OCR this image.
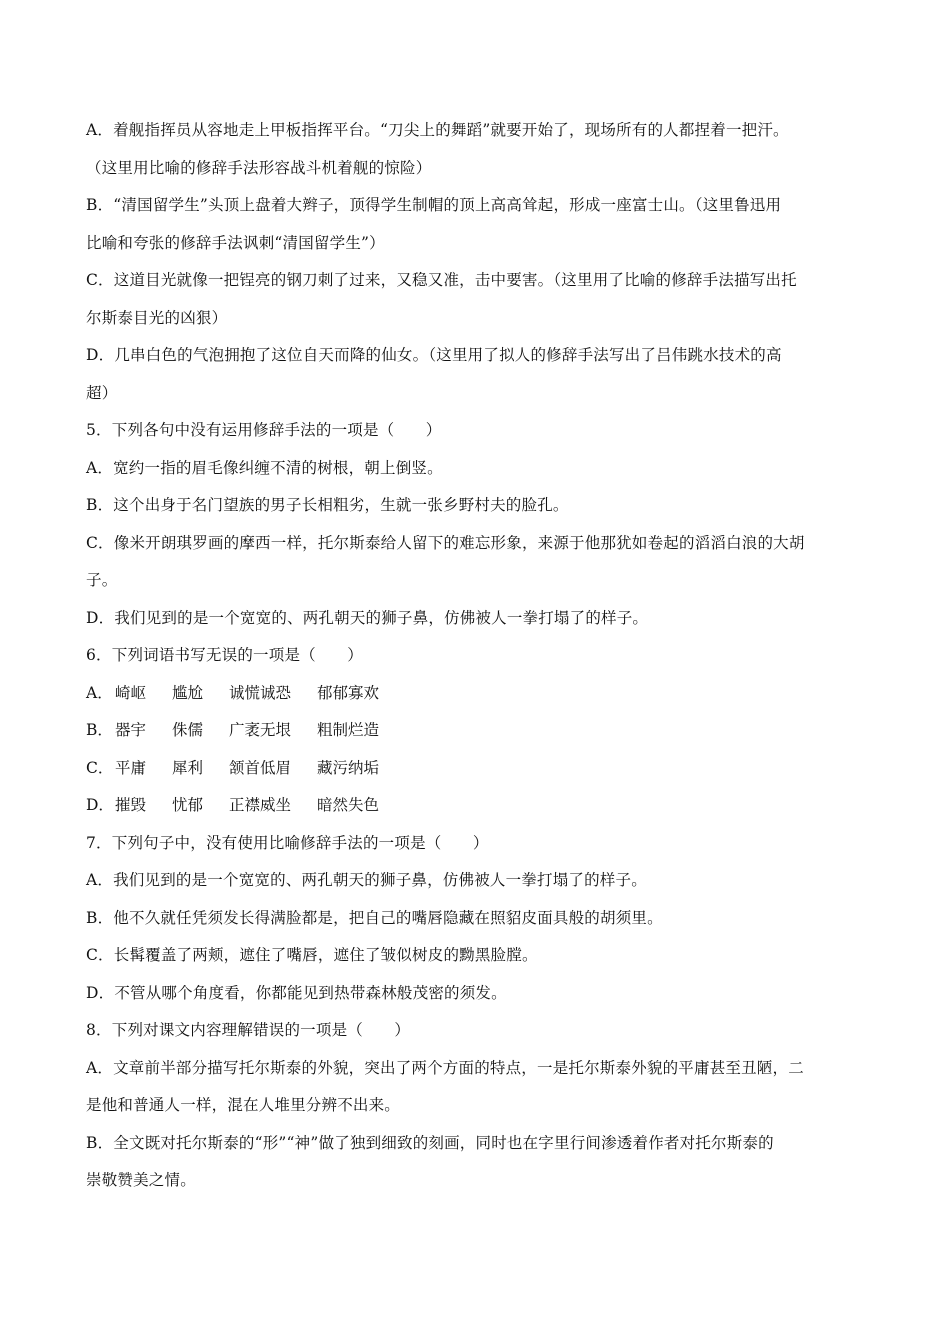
A．着舰指挥员从容地走上甲板指挥平台。“刀尖上的舞蹈”就要开始了，现场所有的人都捏着一把汗。
（这里用比喻的修辞手法形容战斗机着舰的惊险）
B．“清国留学生”头顶上盘着大辫子，顶得学生制帽的顶上高高耸起，形成一座富士山。（这里鲁迅用
比喻和夸张的修辞手法讽刺“清国留学生”）
C．这道目光就像一把锃亮的钢刀刺了过来，又稳又准，击中要害。（这里用了比喻的修辞手法描写出托
尔斯泰目光的凶狠）
D．几串白色的气泡拥抱了这位自天而降的仙女。（这里用了拟人的修辞手法写出了吕伟跳水技术的高
超）
5．下列各句中没有运用修辞手法的一项是（　　）
A．宽约一指的眉毛像纠缠不清的树根，朝上倒竖。
B．这个出身于名门望族的男子长相粗劣，生就一张乡野村夫的脸孔。
C．像米开朗琪罗画的摩西一样，托尔斯泰给人留下的难忘形象，来源于他那犹如卷起的滔滔白浪的大胡
子。
D．我们见到的是一个宽宽的、两孔朝天的狮子鼻，仿佛被人一拳打塌了的样子。
6．下列词语书写无误的一项是（　　）
A． 崎岖 尴尬 诚慌诚恐 郁郁寡欢
B． 器宇 侏儒 广袤无垠 粗制烂造
C． 平庸 犀利 颔首低眉 藏污纳垢
D． 摧毁 忧郁 正襟威坐 暗然失色
7．下列句子中，没有使用比喻修辞手法的一项是（　　）
A．我们见到的是一个宽宽的、两孔朝天的狮子鼻，仿佛被人一拳打塌了的样子。
B．他不久就任凭须发长得满脸都是，把自己的嘴唇隐藏在照貂皮面具般的胡须里。
C．长髯覆盖了两颊，遮住了嘴唇，遮住了皱似树皮的黝黑脸膛。
D．不管从哪个角度看，你都能见到热带森林般茂密的须发。
8．下列对课文内容理解错误的一项是（　　）
A．文章前半部分描写托尔斯泰的外貌，突出了两个方面的特点，一是托尔斯泰外貌的平庸甚至丑陋，二
是他和普通人一样，混在人堆里分辨不出来。
B．全文既对托尔斯泰的“形”“神”做了独到细致的刻画，同时也在字里行间渗透着作者对托尔斯泰的
崇敬赞美之情。
